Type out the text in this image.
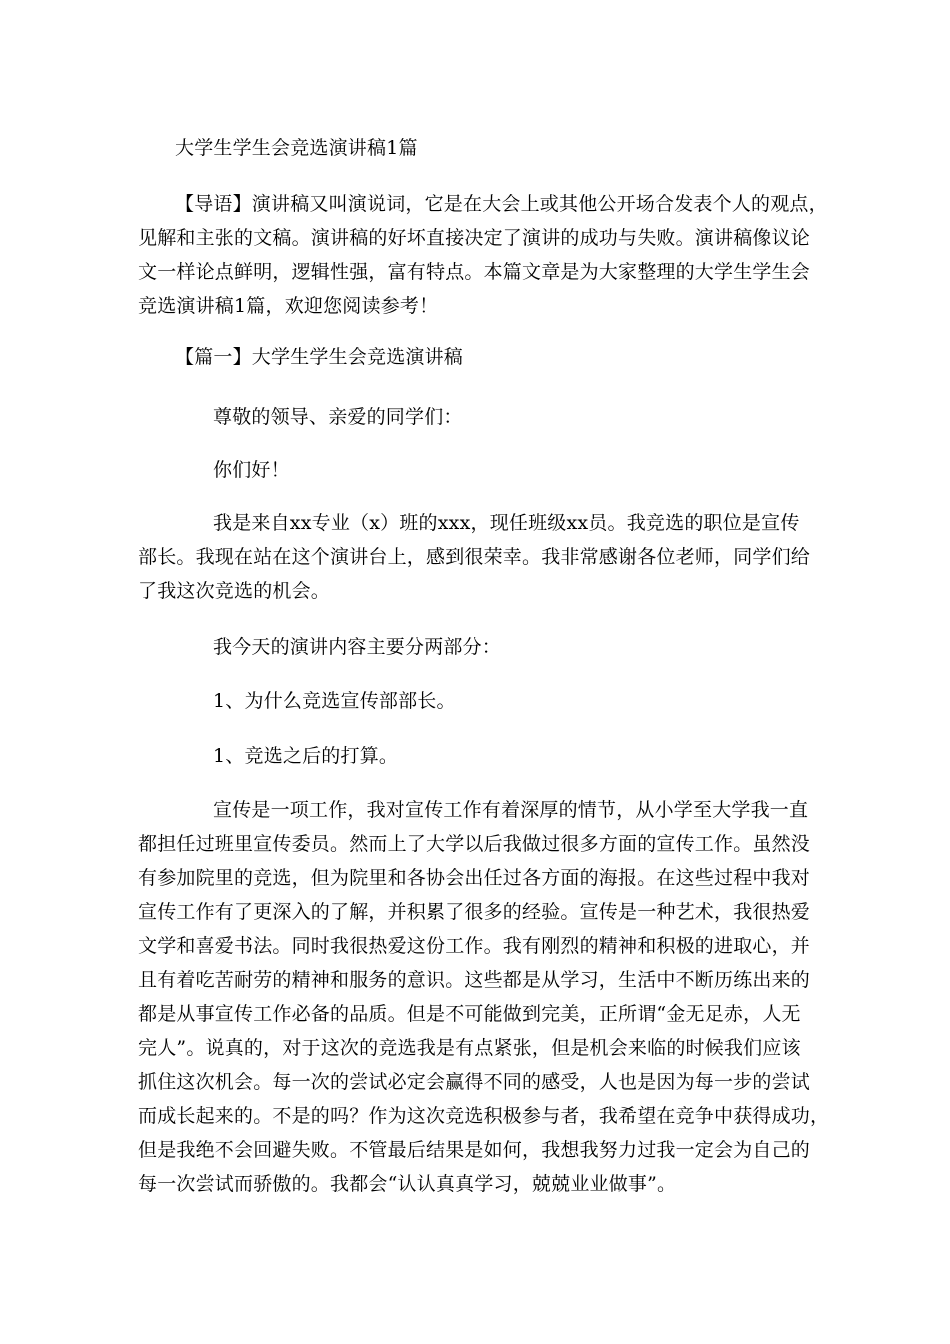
大学生学生会竞选演讲稿1篇
【导语】演讲稿又叫演说词，它是在大会上或其他公开场合发表个人的观点，
见解和主张的文稿。演讲稿的好坏直接决定了演讲的成功与失败。演讲稿像议论
文一样论点鲜明，逻辑性强，富有特点。本篇文章是为大家整理的大学生学生会
竞选演讲稿1篇，欢迎您阅读参考！
【篇一】大学生学生会竞选演讲稿
尊敬的领导、亲爱的同学们：
你们好！
我是来自xx专业（x）班的xxx，现任班级xx员。我竞选的职位是宣传
部长。我现在站在这个演讲台上，感到很荣幸。我非常感谢各位老师，同学们给
了我这次竞选的机会。
我今天的演讲内容主要分两部分：
1、为什么竞选宣传部部长。
1、竞选之后的打算。
宣传是一项工作，我对宣传工作有着深厚的情节，从小学至大学我一直
都担任过班里宣传委员。然而上了大学以后我做过很多方面的宣传工作。虽然没
有参加院里的竞选，但为院里和各协会出任过各方面的海报。在这些过程中我对
宣传工作有了更深入的了解，并积累了很多的经验。宣传是一种艺术，我很热爱
文学和喜爱书法。同时我很热爱这份工作。我有刚烈的精神和积极的进取心，并
且有着吃苦耐劳的精神和服务的意识。这些都是从学习，生活中不断历练出来的
都是从事宣传工作必备的品质。但是不可能做到完美，正所谓“金无足赤，人无
完人”。说真的，对于这次的竞选我是有点紧张，但是机会来临的时候我们应该
抓住这次机会。每一次的尝试必定会赢得不同的感受，人也是因为每一步的尝试
而成长起来的。不是的吗？作为这次竞选积极参与者，我希望在竞争中获得成功，
但是我绝不会回避失败。不管最后结果是如何，我想我努力过我一定会为自己的
每一次尝试而骄傲的。我都会“认认真真学习，兢兢业业做事”。
